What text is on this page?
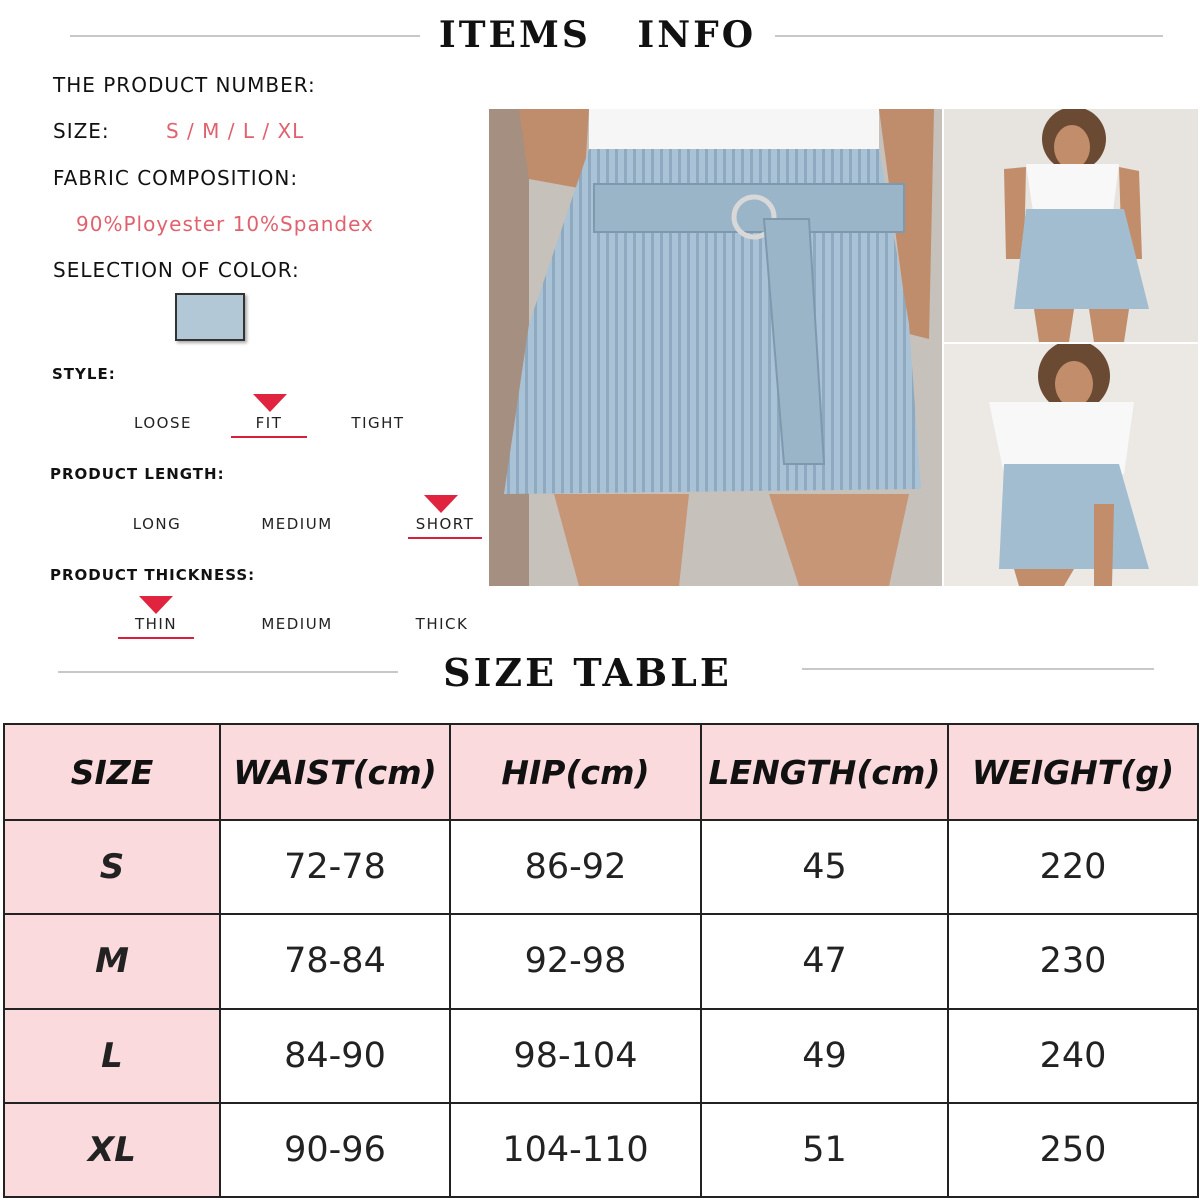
ITEMS   INFO
THE PRODUCT NUMBER:
SIZE:	S / M / L / XL
FABRIC COMPOSITION:
90%Ployester 10%Spandex
SELECTION OF COLOR:
STYLE:
LOOSE	FIT	TIGHT
PRODUCT LENGTH:
LONG	MEDIUM	SHORT
PRODUCT THICKNESS:
THIN	MEDIUM	THICK
SIZE TABLE
SIZE	WAIST(cm)	HIP(cm)	LENGTH(cm)	WEIGHT(g)
S	72-78	86-92	45	220
M	78-84	92-98	47	230
L	84-90	98-104	49	240
XL	90-96	104-110	51	250
